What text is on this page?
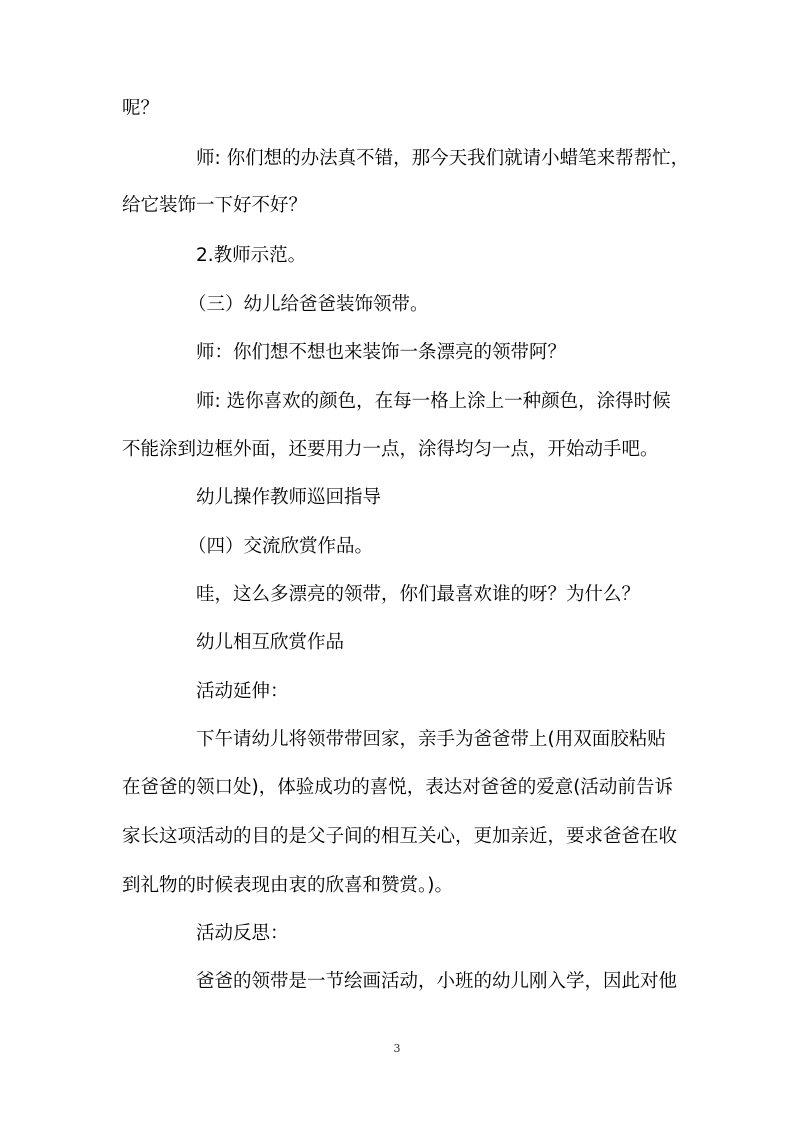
呢？

师: 你们想的办法真不错，那今天我们就请小蜡笔来帮帮忙，

给它装饰一下好不好？

2.教师示范。

（三）幼儿给爸爸装饰领带。

师：你们想不想也来装饰一条漂亮的领带阿？

师: 选你喜欢的颜色，在每一格上涂上一种颜色，涂得时候

不能涂到边框外面，还要用力一点，涂得均匀一点，开始动手吧。

幼儿操作教师巡回指导

（四）交流欣赏作品。

哇，这么多漂亮的领带，你们最喜欢谁的呀？为什么？

幼儿相互欣赏作品

活动延伸：

下午请幼儿将领带带回家，亲手为爸爸带上(用双面胶粘贴

在爸爸的领口处)，体验成功的喜悦，表达对爸爸的爱意(活动前告诉

家长这项活动的目的是父子间的相互关心，更加亲近，要求爸爸在收

到礼物的时候表现由衷的欣喜和赞赏。)。

活动反思：

爸爸的领带是一节绘画活动，小班的幼儿刚入学，因此对他

3
